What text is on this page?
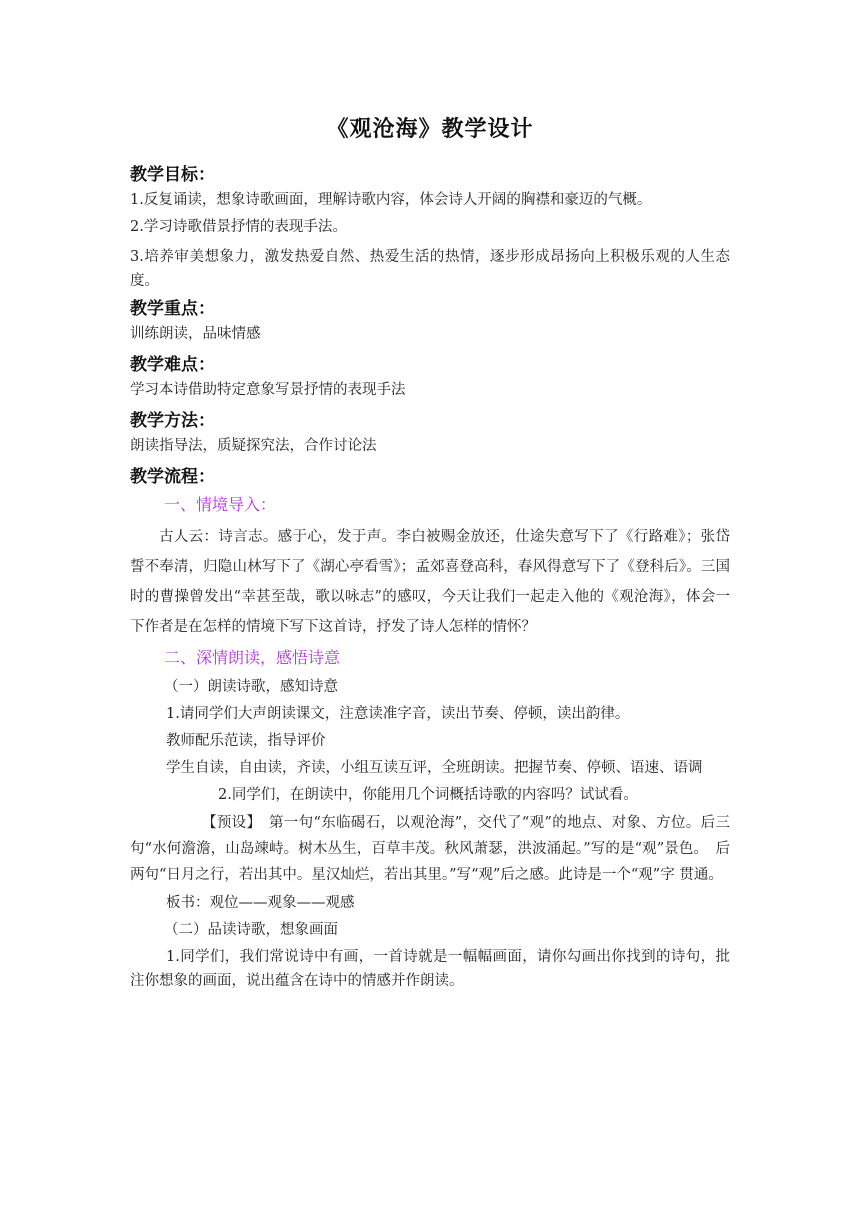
《观沧海》教学设计
教学目标：
1.反复诵读，想象诗歌画面，理解诗歌内容，体会诗人开阔的胸襟和豪迈的气概。
2.学习诗歌借景抒情的表现手法。
3.培养审美想象力，激发热爱自然、热爱生活的热情，逐步形成昂扬向上积极乐观的人生态度。
教学重点：
训练朗读，品味情感
教学难点：
学习本诗借助特定意象写景抒情的表现手法
教学方法：
朗读指导法，质疑探究法，合作讨论法
教学流程：
一、情境导入：
古人云：诗言志。感于心，发于声。李白被赐金放还，仕途失意写下了《行路难》；张岱誓不奉清，归隐山林写下了《湖心亭看雪》；孟郊喜登高科，春风得意写下了《登科后》。三国时的曹操曾发出“幸甚至哉，歌以咏志”的感叹，今天让我们一起走入他的《观沧海》，体会一下作者是在怎样的情境下写下这首诗，抒发了诗人怎样的情怀？
二、深情朗读，感悟诗意
（一）朗读诗歌，感知诗意
1.请同学们大声朗读课文，注意读准字音，读出节奏、停顿，读出韵律。
教师配乐范读，指导评价
学生自读，自由读，齐读，小组互读互评，全班朗读。把握节奏、停顿、语速、语调
2.同学们，在朗读中，你能用几个词概括诗歌的内容吗？试试看。
【预设】　第一句“东临碣石，以观沧海”，交代了“观”的地点、对象、方位。后三句“水何澹澹，山岛竦峙。树木丛生，百草丰茂。秋风萧瑟，洪波涌起。”写的是“观”景色。　后两句“日月之行，若出其中。星汉灿烂，若出其里。”写“观”后之感。此诗是一个“观”字 贯通。
板书：观位——观象——观感
（二）品读诗歌，想象画面
1.同学们，我们常说诗中有画，一首诗就是一幅幅画面，请你勾画出你找到的诗句，批注你想象的画面，说出蕴含在诗中的情感并作朗读。
